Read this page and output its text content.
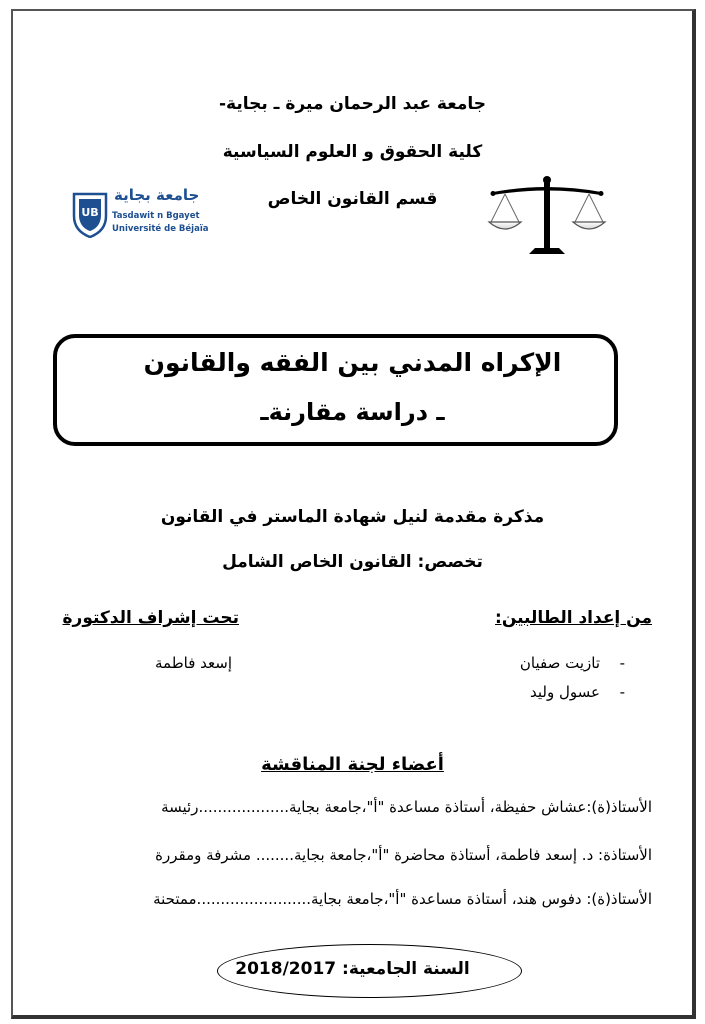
جامعة عبد الرحمان ميرة ـ بجاية-
كلية الحقوق و العلوم السياسية
قسم القانون الخاص
UB
جامعة بجاية
Tasdawit n Bgayet
Université de Béjaïa
الإكراه المدني بين الفقه والقانون
ـ دراسة مقارنةـ
مذكرة مقدمة لنيل شهادة الماستر في القانون
تخصص: القانون الخاص الشامل
من إعداد الطالبين:
-
تازيت صفيان
-
عسول وليد
تحت إشراف الدكتورة
إسعد فاطمة
أعضاء لجنة المناقشة
الأستاذ(ة):عشاش حفيظة، أستاذة مساعدة "أ"،جامعة بجاية...................رئيسة
الأستاذة: د. إسعد فاطمة، أستاذة محاضرة "أ"،جامعة بجاية........ مشرفة ومقررة
الأستاذ(ة): دفوس هند، أستاذة مساعدة "أ"،جامعة بجاية........................ممتحنة
السنة الجامعية: 2018/2017
